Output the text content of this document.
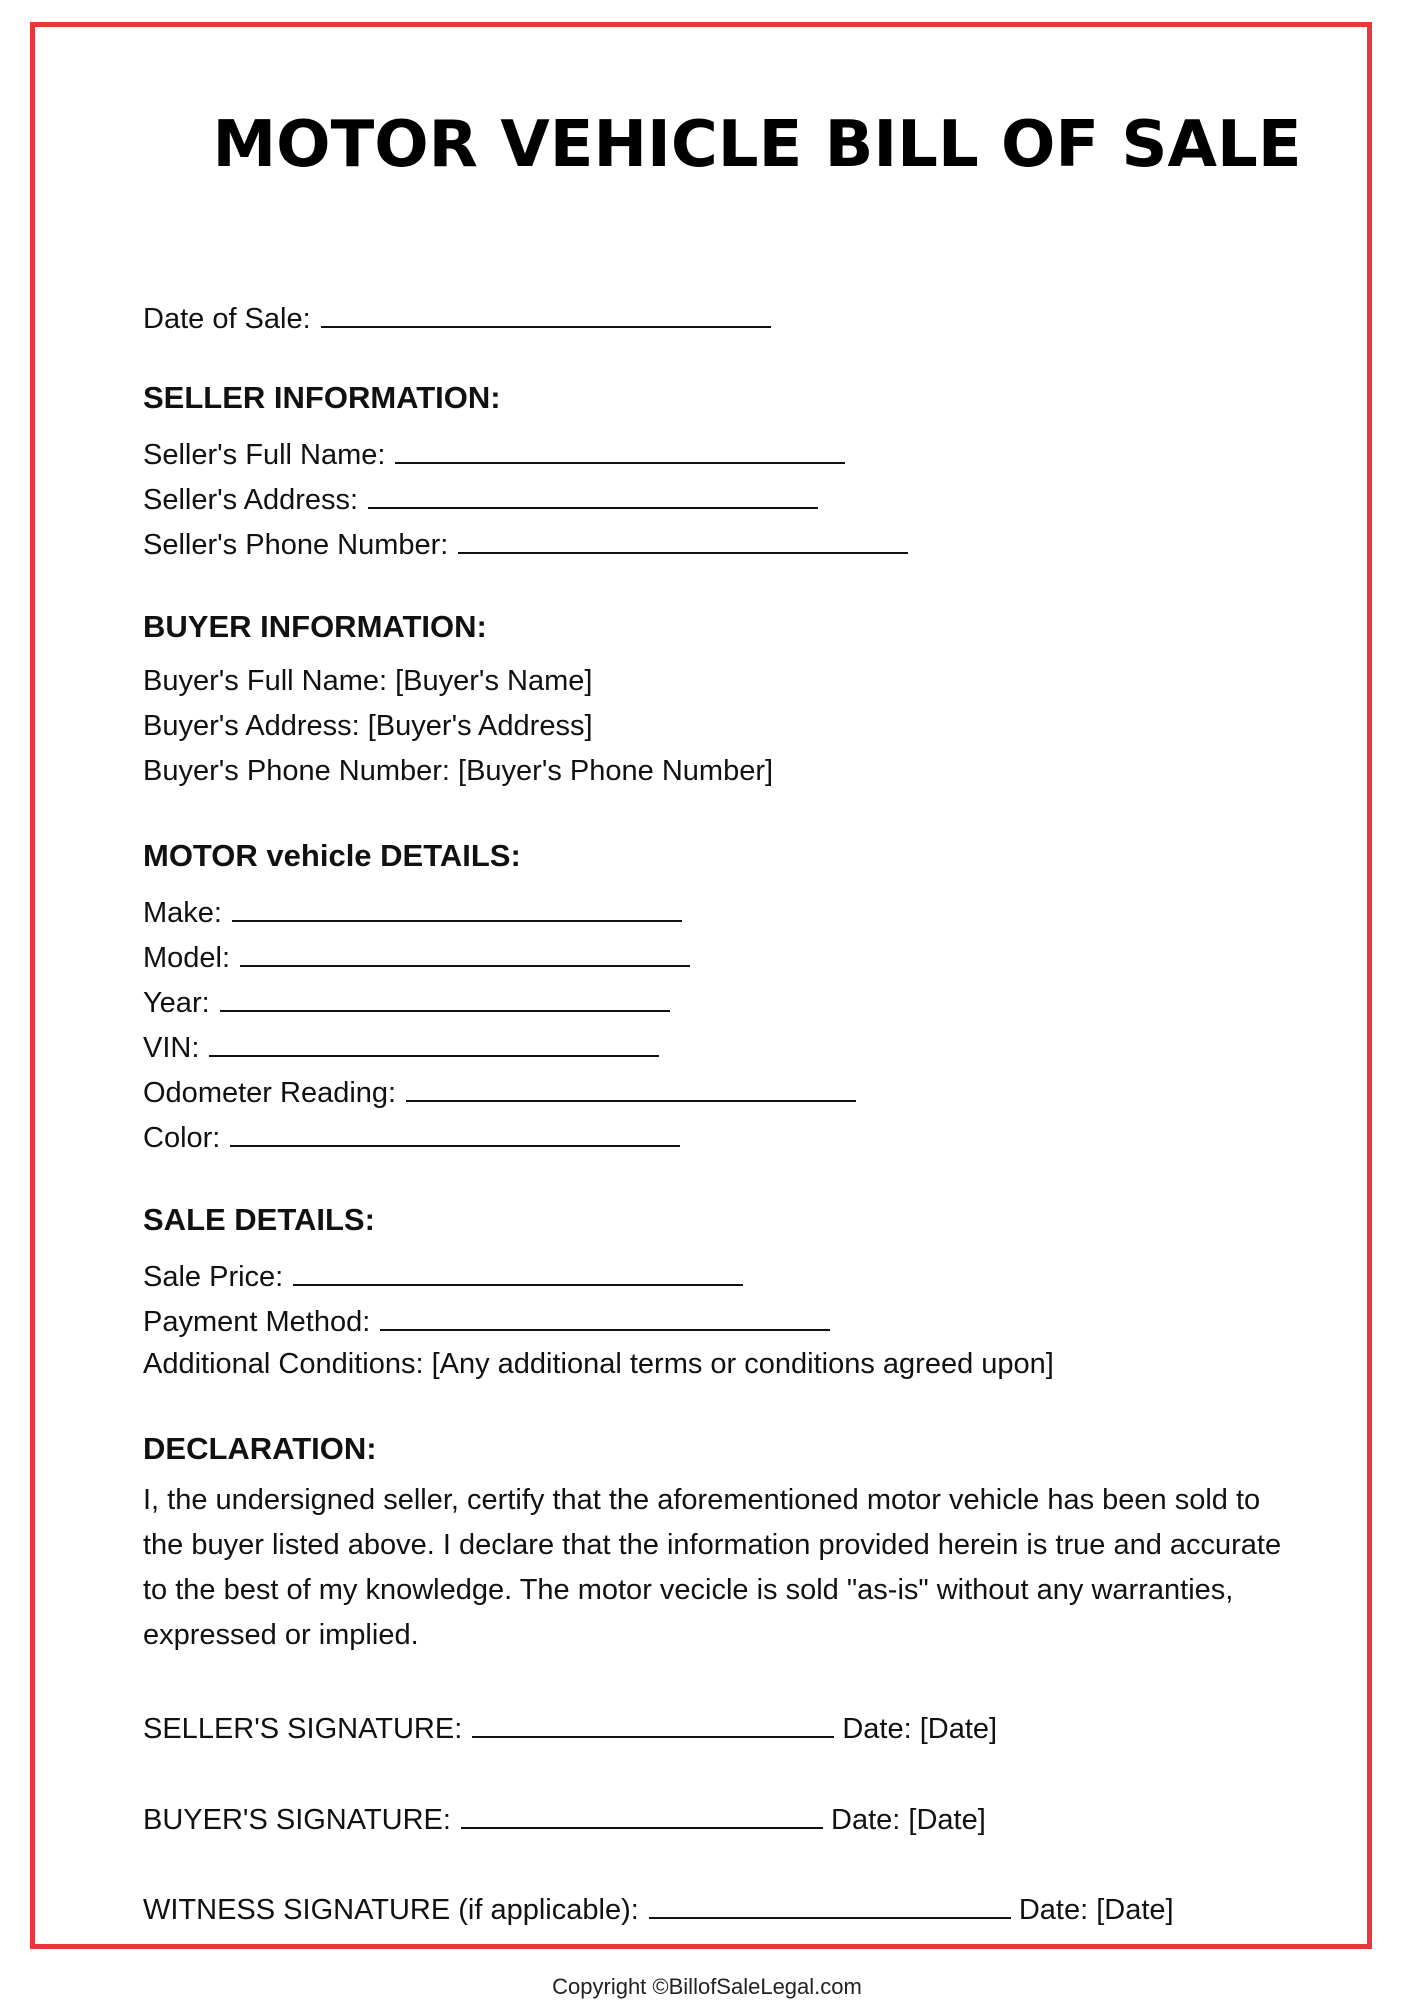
MOTOR VEHICLE BILL OF SALE
Date of Sale:
SELLER INFORMATION:
Seller's Full Name:
Seller's Address:
Seller's Phone Number:
BUYER INFORMATION:
Buyer's Full Name: [Buyer's Name]
Buyer's Address: [Buyer's Address]
Buyer's Phone Number: [Buyer's Phone Number]
MOTOR vehicle DETAILS:
Make:
Model:
Year:
VIN:
Odometer Reading:
Color:
SALE DETAILS:
Sale Price:
Payment Method:
Additional Conditions: [Any additional terms or conditions agreed upon]
DECLARATION:
I, the undersigned seller, certify that the aforementioned motor vehicle has been sold to the buyer listed above. I declare that the information provided herein is true and accurate to the best of my knowledge. The motor vecicle is sold "as-is" without any warranties, expressed or implied.
SELLER'S SIGNATURE:	Date: [Date]
BUYER'S SIGNATURE:	Date: [Date]
WITNESS SIGNATURE (if applicable):	Date: [Date]
Copyright ©BillofSaleLegal.com
